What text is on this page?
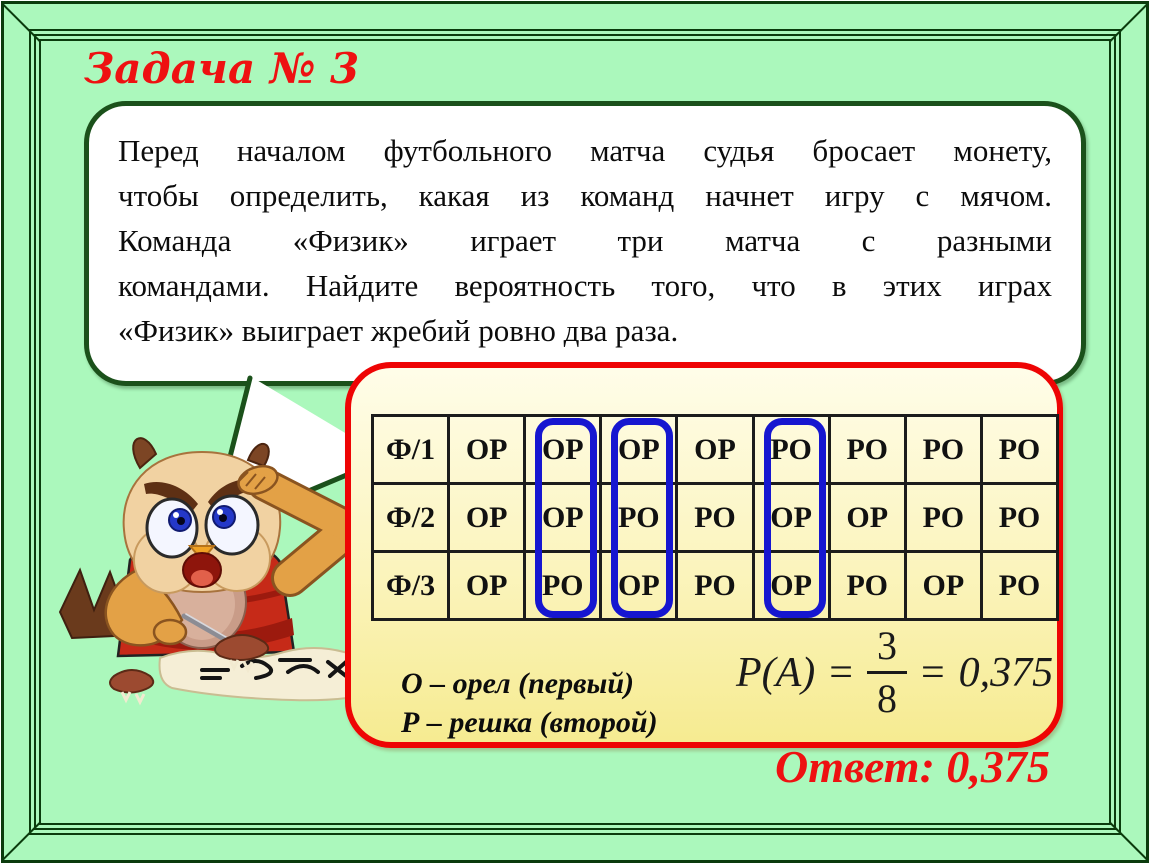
Задача № 3
Перед началом футбольного матча судья бросает монету,
чтобы определить, какая из команд начнет игру с мячом.
Команда «Физик» играет три матча с разными
командами. Найдите вероятность того, что в этих играх
«Физик» выиграет жребий ровно два раза.
Ф/1	ОР	ОР	ОР	ОР	РО	РО	РО	РО
Ф/2	ОР	ОР	РО	РО	ОР	ОР	РО	РО
Ф/3	ОР	РО	ОР	РО	ОР	РО	ОР	РО
О – орел (первый)
Р – решка (второй)
$P(A) = \frac{3}{8} = 0,375$
Ответ: 0,375
